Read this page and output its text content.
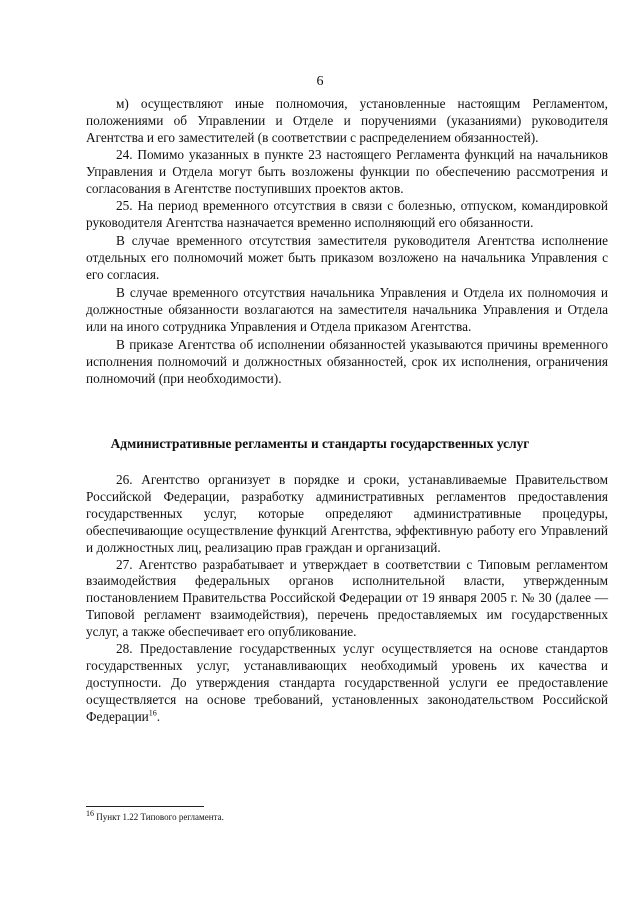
6

м) осуществляют иные полномочия, установленные настоящим Регламентом, положениями об Управлении и Отделе и поручениями (указаниями) руководителя Агентства и его заместителей (в соответствии с распределением обязанностей).

24. Помимо указанных в пункте 23 настоящего Регламента функций на начальников Управления и Отдела могут быть возложены функции по обеспечению рассмотрения и согласования в Агентстве поступивших проектов актов.

25. На период временного отсутствия в связи с болезнью, отпуском, командировкой руководителя Агентства назначается временно исполняющий его обязанности.

В случае временного отсутствия заместителя руководителя Агентства исполнение отдельных его полномочий может быть приказом возложено на начальника Управления с его согласия.

В случае временного отсутствия начальника Управления и Отдела их полномочия и должностные обязанности возлагаются на заместителя начальника Управления и Отдела или на иного сотрудника Управления и Отдела приказом Агентства.

В приказе Агентства об исполнении обязанностей указываются причины временного исполнения полномочий и должностных обязанностей, срок их исполнения, ограничения полномочий (при необходимости).

Административные регламенты и стандарты государственных услуг

26. Агентство организует в порядке и сроки, устанавливаемые Правительством Российской Федерации, разработку административных регламентов предоставления государственных услуг, которые определяют административные процедуры, обеспечивающие осуществление функций Агентства, эффективную работу его Управлений и должностных лиц, реализацию прав граждан и организаций.

27. Агентство разрабатывает и утверждает в соответствии с Типовым регламентом взаимодействия федеральных органов исполнительной власти, утвержденным постановлением Правительства Российской Федерации от 19 января 2005 г. № 30 (далее — Типовой регламент взаимодействия), перечень предоставляемых им государственных услуг, а также обеспечивает его опубликование.

28. Предоставление государственных услуг осуществляется на основе стандартов государственных услуг, устанавливающих необходимый уровень их качества и доступности. До утверждения стандарта государственной услуги ее предоставление осуществляется на основе требований, установленных законодательством Российской Федерации$^{16}$.

$^{16}$ Пункт 1.22 Типового регламента.
